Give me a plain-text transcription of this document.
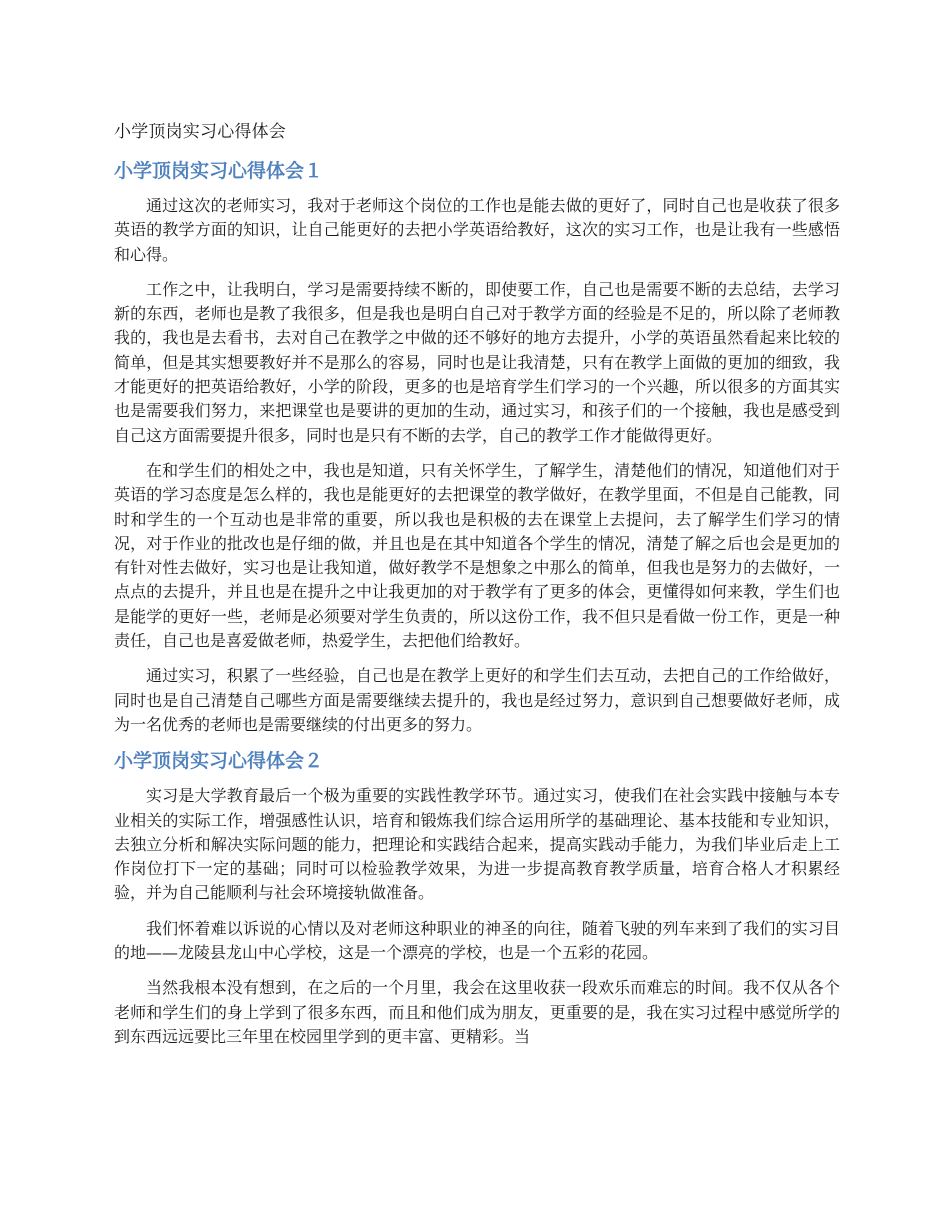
小学顶岗实习心得体会
小学顶岗实习心得体会１

通过这次的老师实习，我对于老师这个岗位的工作也是能去做的更好了，同时自己也是收获了很多英语的教学方面的知识，让自己能更好的去把小学英语给教好，这次的实习工作，也是让我有一些感悟和心得。

工作之中，让我明白，学习是需要持续不断的，即使要工作，自己也是需要不断的去总结，去学习新的东西，老师也是教了我很多，但是我也是明白自己对于教学方面的经验是不足的，所以除了老师教我的，我也是去看书，去对自己在教学之中做的还不够好的地方去提升，小学的英语虽然看起来比较的简单，但是其实想要教好并不是那么的容易，同时也是让我清楚，只有在教学上面做的更加的细致，我才能更好的把英语给教好，小学的阶段，更多的也是培育学生们学习的一个兴趣，所以很多的方面其实也是需要我们努力，来把课堂也是要讲的更加的生动，通过实习，和孩子们的一个接触，我也是感受到自己这方面需要提升很多，同时也是只有不断的去学，自己的教学工作才能做得更好。

在和学生们的相处之中，我也是知道，只有关怀学生，了解学生，清楚他们的情况，知道他们对于英语的学习态度是怎么样的，我也是能更好的去把课堂的教学做好，在教学里面，不但是自己能教，同时和学生的一个互动也是非常的重要，所以我也是积极的去在课堂上去提问，去了解学生们学习的情况，对于作业的批改也是仔细的做，并且也是在其中知道各个学生的情况，清楚了解之后也会是更加的有针对性去做好，实习也是让我知道，做好教学不是想象之中那么的简单，但我也是努力的去做好，一点点的去提升，并且也是在提升之中让我更加的对于教学有了更多的体会，更懂得如何来教，学生们也是能学的更好一些，老师是必须要对学生负责的，所以这份工作，我不但只是看做一份工作，更是一种责任，自己也是喜爱做老师，热爱学生，去把他们给教好。

通过实习，积累了一些经验，自己也是在教学上更好的和学生们去互动，去把自己的工作给做好，同时也是自己清楚自己哪些方面是需要继续去提升的，我也是经过努力，意识到自己想要做好老师，成为一名优秀的老师也是需要继续的付出更多的努力。

小学顶岗实习心得体会２

实习是大学教育最后一个极为重要的实践性教学环节。通过实习，使我们在社会实践中接触与本专业相关的实际工作，增强感性认识，培育和锻炼我们综合运用所学的基础理论、基本技能和专业知识，去独立分析和解决实际问题的能力，把理论和实践结合起来，提高实践动手能力，为我们毕业后走上工作岗位打下一定的基础；同时可以检验教学效果，为进一步提高教育教学质量，培育合格人才积累经验，并为自己能顺利与社会环境接轨做准备。

我们怀着难以诉说的心情以及对老师这种职业的神圣的向往，随着飞驶的列车来到了我们的实习目的地——龙陵县龙山中心学校，这是一个漂亮的学校，也是一个五彩的花园。

当然我根本没有想到，在之后的一个月里，我会在这里收获一段欢乐而难忘的时间。我不仅从各个老师和学生们的身上学到了很多东西，而且和他们成为朋友，更重要的是，我在实习过程中感觉所学的到东西远远要比三年里在校园里学到的更丰富、更精彩。当
